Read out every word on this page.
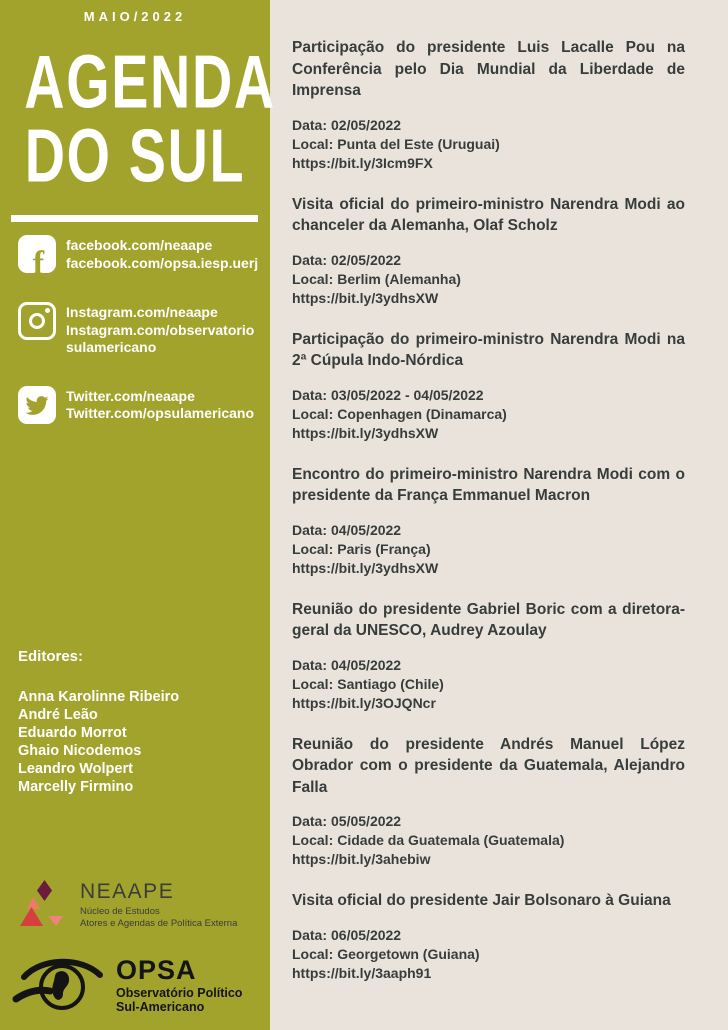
MAIO/2022
AGENDA
DO SUL
f facebook.com/neaape
facebook.com/opsa.iesp.uerj
Instagram.com/neaape
Instagram.com/observatorio
sulamericano
Twitter.com/neaape
Twitter.com/opsulamericano
Editores:
Anna Karolinne Ribeiro
André Leão
Eduardo Morrot
Ghaio Nicodemos
Leandro Wolpert
Marcelly Firmino
NEAAPE
Núcleo de Estudos
Atores e Agendas de Política Externa
OPSA
Observatório Político
Sul-Americano
Participação do presidente Luis Lacalle Pou na Conferência pelo Dia Mundial da Liberdade de Imprensa
Data: 02/05/2022
Local: Punta del Este (Uruguai)
https://bit.ly/3Icm9FX
Visita oficial do primeiro-ministro Narendra Modi ao chanceler da Alemanha, Olaf Scholz
Data: 02/05/2022
Local: Berlim (Alemanha)
https://bit.ly/3ydhsXW
Participação do primeiro-ministro Narendra Modi na 2ª Cúpula Indo-Nórdica
Data: 03/05/2022 - 04/05/2022
Local: Copenhagen (Dinamarca)
https://bit.ly/3ydhsXW
Encontro do primeiro-ministro Narendra Modi com o presidente da França Emmanuel Macron
Data: 04/05/2022
Local: Paris (França)
https://bit.ly/3ydhsXW
Reunião do presidente Gabriel Boric com a diretora-geral da UNESCO, Audrey Azoulay
Data: 04/05/2022
Local: Santiago (Chile)
https://bit.ly/3OJQNcr
Reunião do presidente Andrés Manuel López Obrador com o presidente da Guatemala, Alejandro Falla
Data: 05/05/2022
Local: Cidade da Guatemala (Guatemala)
https://bit.ly/3ahebiw
Visita oficial do presidente Jair Bolsonaro à Guiana
Data: 06/05/2022
Local: Georgetown (Guiana)
https://bit.ly/3aaph91
